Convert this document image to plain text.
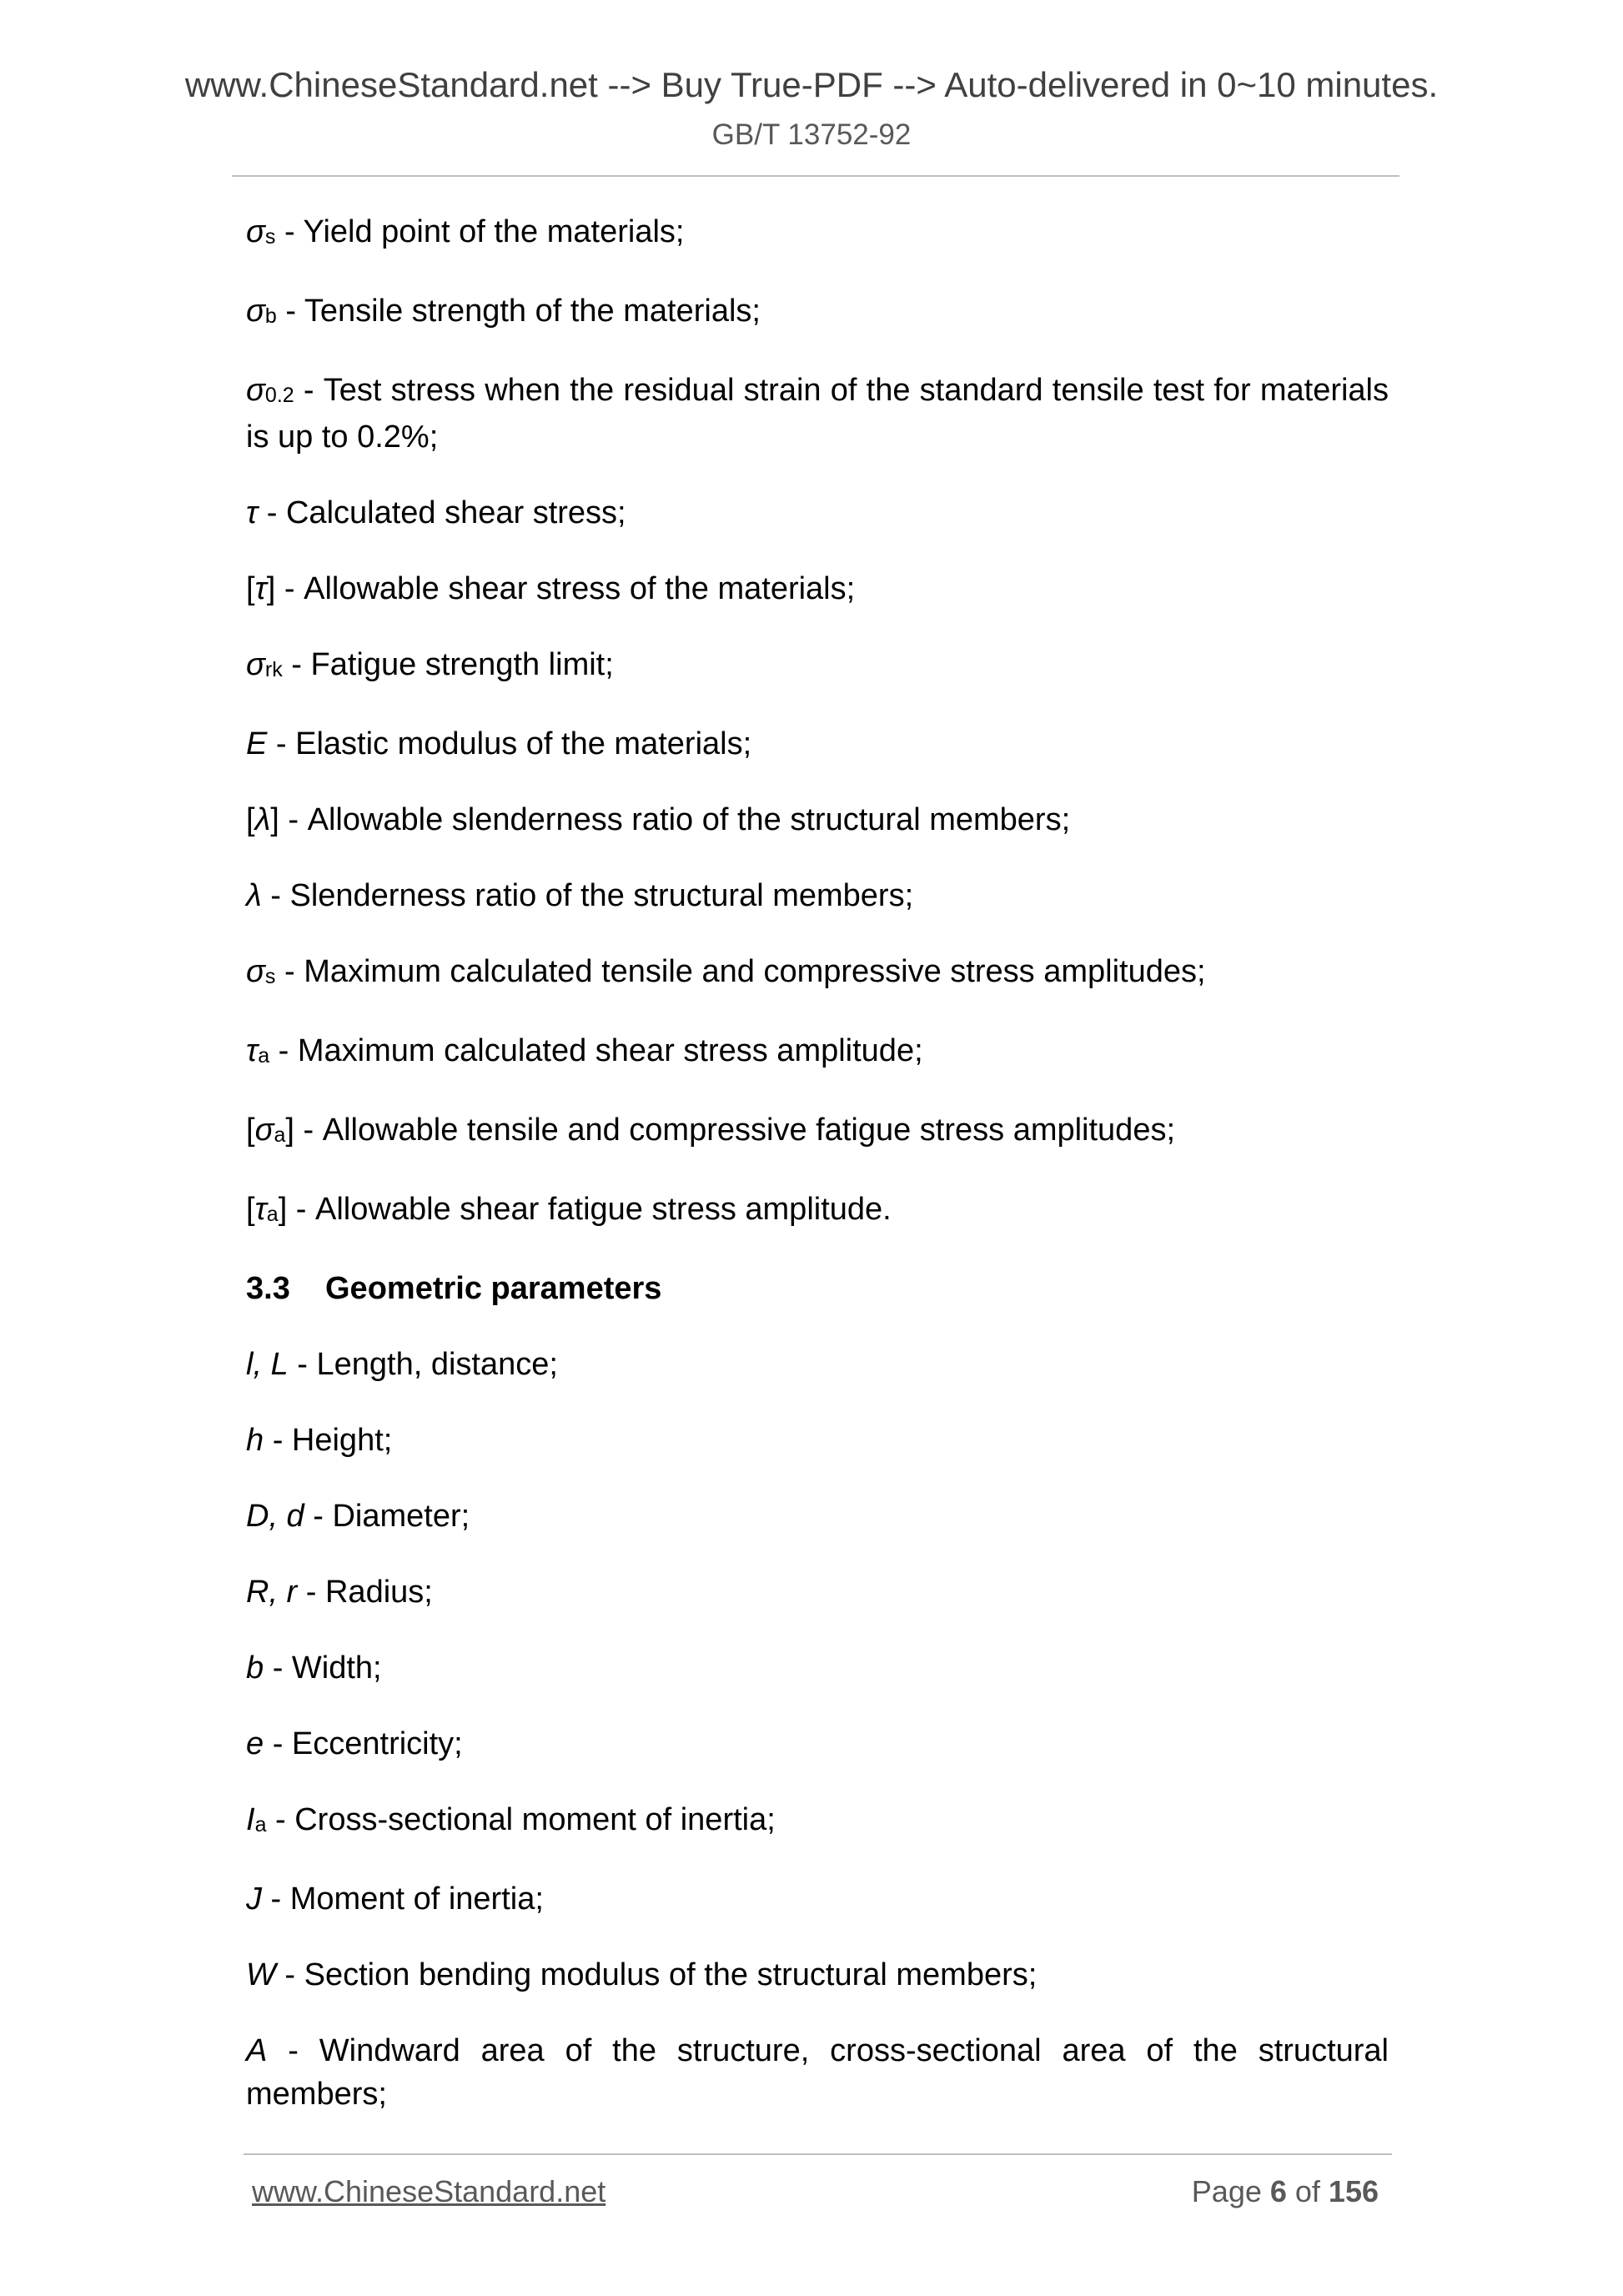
www.ChineseStandard.net --> Buy True-PDF --> Auto-delivered in 0~10 minutes.
GB/T 13752-92
$\sigma_s$ - Yield point of the materials;
$\sigma_b$ - Tensile strength of the materials;
$\sigma_{0.2}$ - Test stress when the residual strain of the standard tensile test for materials is up to 0.2%;
τ - Calculated shear stress;
[τ] - Allowable shear stress of the materials;
$\sigma_{rk}$ - Fatigue strength limit;
E - Elastic modulus of the materials;
[λ] - Allowable slenderness ratio of the structural members;
λ - Slenderness ratio of the structural members;
$\sigma_s$ - Maximum calculated tensile and compressive stress amplitudes;
$\tau_a$ - Maximum calculated shear stress amplitude;
$[\sigma_a]$ - Allowable tensile and compressive fatigue stress amplitudes;
$[\tau_a]$ - Allowable shear fatigue stress amplitude.
3.3 Geometric parameters
l, L - Length, distance;
h - Height;
D, d - Diameter;
R, r - Radius;
b - Width;
e - Eccentricity;
$I_a$ - Cross-sectional moment of inertia;
J - Moment of inertia;
W - Section bending modulus of the structural members;
A - Windward area of the structure, cross-sectional area of the structural members;
www.ChineseStandard.net	Page 6 of 156
